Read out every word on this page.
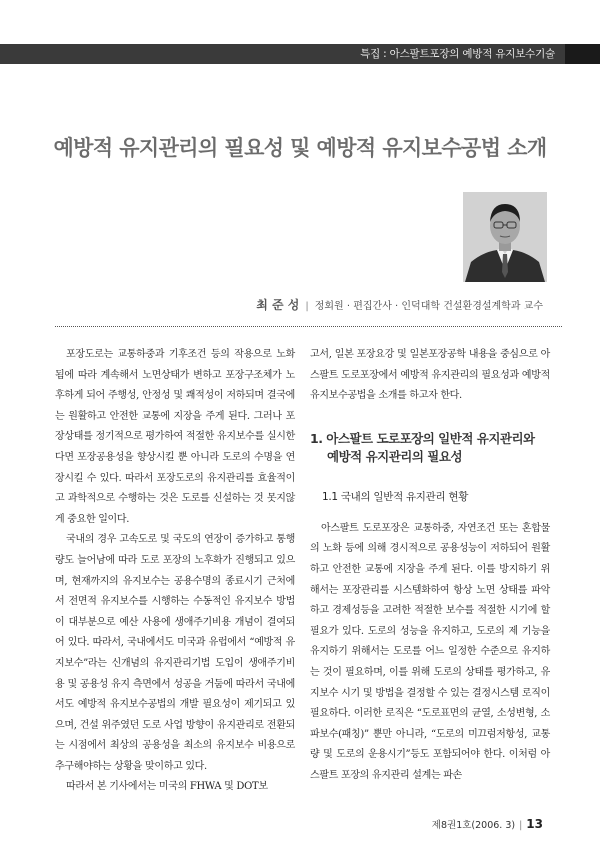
특집 : 아스팔트포장의 예방적 유지보수기술
예방적 유지관리의 필요성 및 예방적 유지보수공법 소개
최 준 성 | 정회원 · 편집간사 · 인덕대학 건설환경설계학과 교수

포장도로는 교통하중과 기후조건 등의 작용으로 노화됨에 따라 계속해서 노면상태가 변하고 포장구조체가 노후하게 되어 주행성, 안정성 및 쾌적성이 저하되며 결국에는 원활하고 안전한 교통에 지장을 주게 된다. 그러나 포장상태를 정기적으로 평가하여 적절한 유지보수를 실시한다면 포장공용성을 향상시킬 뿐 아니라 도로의 수명을 연장시킬 수 있다. 따라서 포장도로의 유지관리를 효율적이고 과학적으로 수행하는 것은 도로를 신설하는 것 못지않게 중요한 일이다.

국내의 경우 고속도로 및 국도의 연장이 증가하고 통행량도 늘어남에 따라 도로 포장의 노후화가 진행되고 있으며, 현재까지의 유지보수는 공용수명의 종료시기 근처에서 전면적 유지보수를 시행하는 수동적인 유지보수 방법이 대부분으로 예산 사용에 생애주기비용 개념이 결여되어 있다. 따라서, 국내에서도 미국과 유럽에서 “예방적 유지보수”라는 신개념의 유지관리기법 도입이 생애주기비용 및 공용성 유지 측면에서 성공을 거둠에 따라서 국내에서도 예방적 유지보수공법의 개발 필요성이 제기되고 있으며, 건설 위주였던 도로 사업 방향이 유지관리로 전환되는 시점에서 최상의 공용성을 최소의 유지보수 비용으로 추구해야하는 상황을 맞이하고 있다.

따라서 본 기사에서는 미국의 FHWA 및 DOT보

고서, 일본 포장요강 및 일본포장공학 내용을 중심으로 아스팔트 도로포장에서 예방적 유지관리의 필요성과 예방적 유지보수공법을 소개를 하고자 한다.

1. 아스팔트 도로포장의 일반적 유지관리와
예방적 유지관리의 필요성
1.1 국내의 일반적 유지관리 현황

아스팔트 도로포장은 교통하중, 자연조건 또는 혼합물의 노화 등에 의해 경시적으로 공용성능이 저하되어 원활하고 안전한 교통에 지장을 주게 된다. 이를 방지하기 위해서는 포장관리를 시스템화하여 항상 노면 상태를 파악하고 경제성등을 고려한 적절한 보수를 적절한 시기에 할 필요가 있다. 도로의 성능을 유지하고, 도로의 제 기능을 유지하기 위해서는 도로를 어느 일정한 수준으로 유지하는 것이 필요하며, 이를 위해 도로의 상태를 평가하고, 유지보수 시기 및 방법을 결정할 수 있는 결정시스템 로직이 필요하다. 이러한 로직은 “도로표면의 균열, 소성변형, 소파보수(패칭)” 뿐만 아니라, “도로의 미끄럼저항성, 교통량 및 도로의 운용시기”등도 포함되어야 한다. 이처럼 아스팔트 포장의 유지관리 설계는 파손

제8권1호(2006. 3) | 13
